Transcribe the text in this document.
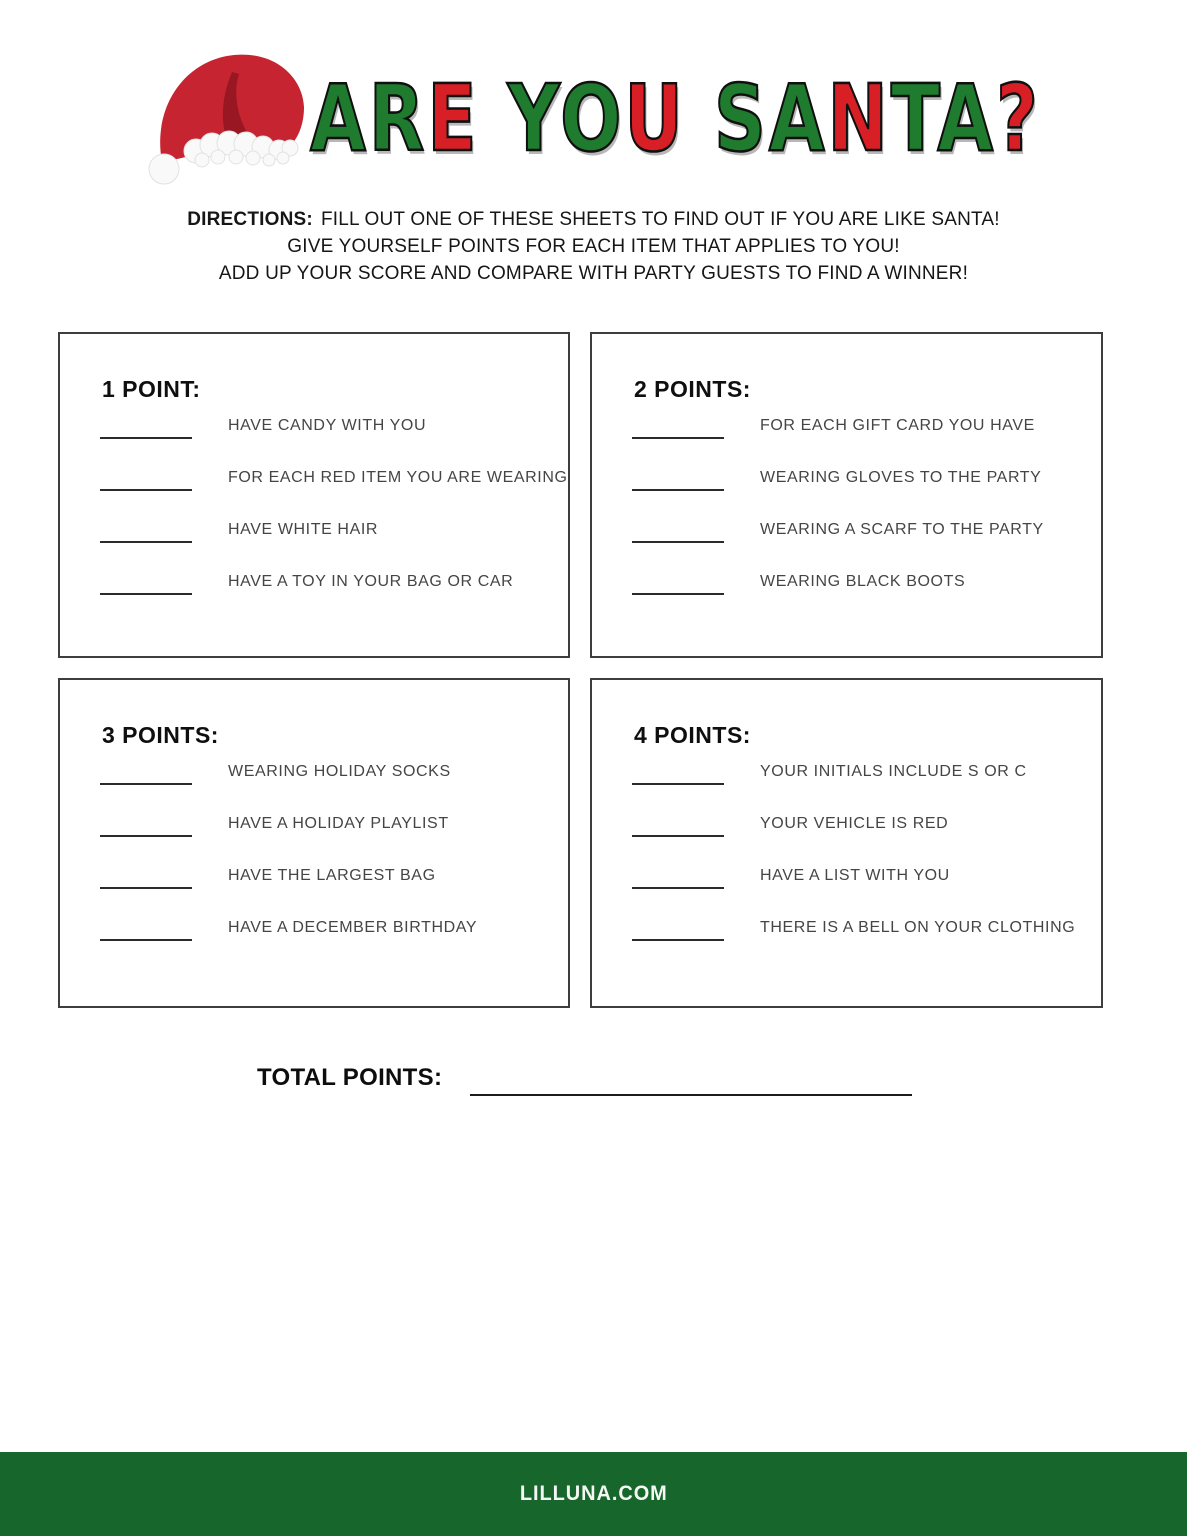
ARE YOU SANTA?
DIRECTIONS: FILL OUT ONE OF THESE SHEETS TO FIND OUT IF YOU ARE LIKE SANTA!
GIVE YOURSELF POINTS FOR EACH ITEM THAT APPLIES TO YOU!
ADD UP YOUR SCORE AND COMPARE WITH PARTY GUESTS TO FIND A WINNER!
1 POINT:
HAVE CANDY WITH YOU
FOR EACH RED ITEM YOU ARE WEARING
HAVE WHITE HAIR
HAVE A TOY IN YOUR BAG OR CAR
2 POINTS:
FOR EACH GIFT CARD YOU HAVE
WEARING GLOVES TO THE PARTY
WEARING A SCARF TO THE PARTY
WEARING BLACK BOOTS
3 POINTS:
WEARING HOLIDAY SOCKS
HAVE A HOLIDAY PLAYLIST
HAVE THE LARGEST BAG
HAVE A DECEMBER BIRTHDAY
4 POINTS:
YOUR INITIALS INCLUDE S OR C
YOUR VEHICLE IS RED
HAVE A LIST WITH YOU
THERE IS A BELL ON YOUR CLOTHING
TOTAL POINTS:
LILLUNA.COM
